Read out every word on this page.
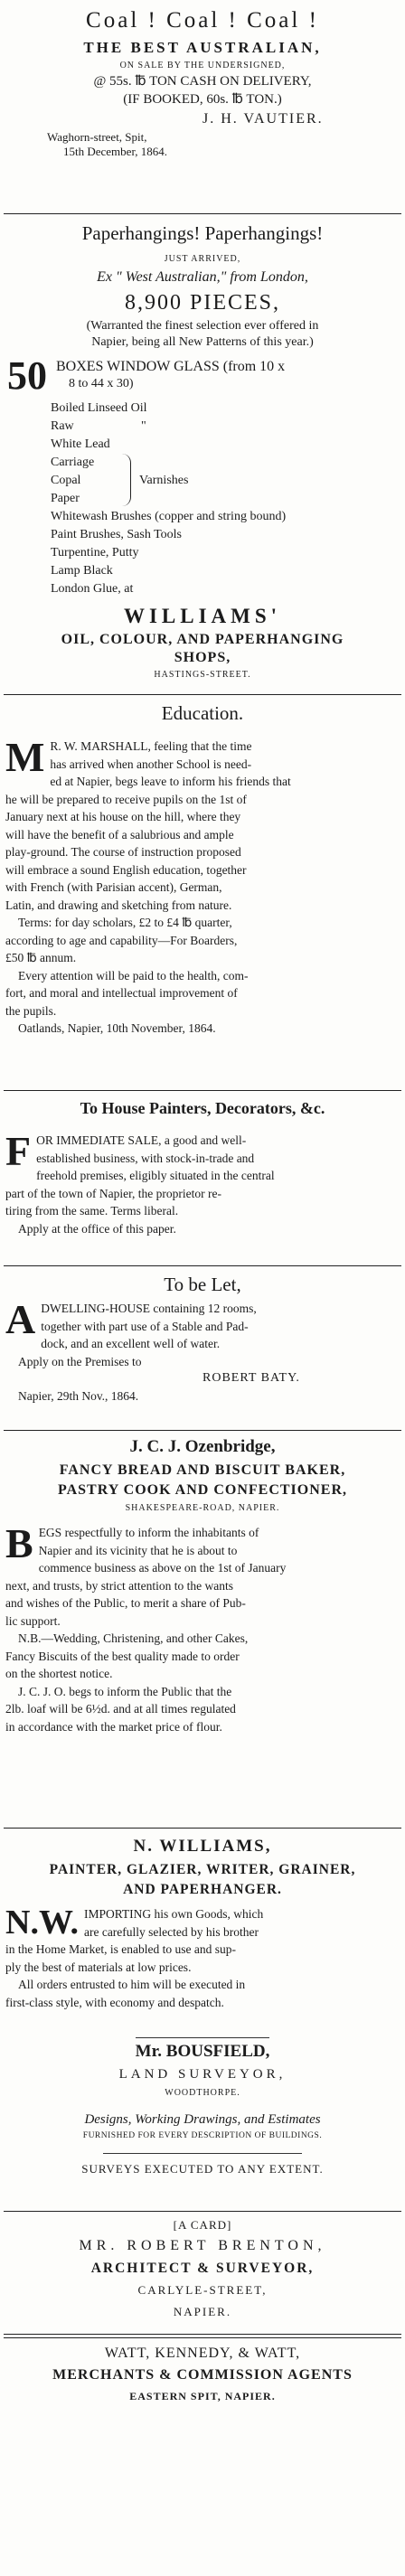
Coal ! Coal ! Coal !
THE BEST AUSTRALIAN,
ON SALE BY THE UNDERSIGNED,
@ 55s. ℔ TON CASH ON DELIVERY,
(IF BOOKED, 60s. ℔ TON.)
J. H. VAUTIER.
Waghorn-street, Spit,
15th December, 1864.
Paperhangings! Paperhangings!
JUST ARRIVED,
Ex " West Australian," from London,
8,900 PIECES,
(Warranted the finest selection ever offered in
Napier, being all New Patterns of this year.)
50 BOXES WINDOW GLASS (from 10 x
8 to 44 x 30)
Boiled Linseed Oil
Raw	"
White Lead
Carriage
Copal
Paper
Varnishes
Whitewash Brushes (copper and string bound)
Paint Brushes, Sash Tools
Turpentine, Putty
Lamp Black
London Glue, at
WILLIAMS'
OIL, COLOUR, AND PAPERHANGING
SHOPS,
HASTINGS-STREET.
Education.
M R. W. MARSHALL, feeling that the time
has arrived when another School is need-
ed at Napier, begs leave to inform his friends that
he will be prepared to receive pupils on the 1st of
January next at his house on the hill, where they
will have the benefit of a salubrious and ample
play-ground. The course of instruction proposed
will embrace a sound English education, together
with French (with Parisian accent), German,
Latin, and drawing and sketching from nature.
Terms: for day scholars, £2 to £4 ℔ quarter,
according to age and capability—For Boarders,
£50 ℔ annum.
Every attention will be paid to the health, com-
fort, and moral and intellectual improvement of
the pupils.
Oatlands, Napier, 10th November, 1864.
To House Painters, Decorators, &c.
F OR IMMEDIATE SALE, a good and well-
established business, with stock-in-trade and
freehold premises, eligibly situated in the central
part of the town of Napier, the proprietor re-
tiring from the same. Terms liberal.
Apply at the office of this paper.
To be Let,
A DWELLING-HOUSE containing 12 rooms,
together with part use of a Stable and Pad-
dock, and an excellent well of water.
Apply on the Premises to
ROBERT BATY.
Napier, 29th Nov., 1864.
J. C. J. Ozenbridge,
FANCY BREAD AND BISCUIT BAKER,
PASTRY COOK AND CONFECTIONER,
SHAKESPEARE-ROAD, NAPIER.
B EGS respectfully to inform the inhabitants of
Napier and its vicinity that he is about to
commence business as above on the 1st of January
next, and trusts, by strict attention to the wants
and wishes of the Public, to merit a share of Pub-
lic support.
N.B.—Wedding, Christening, and other Cakes,
Fancy Biscuits of the best quality made to order
on the shortest notice.
J. C. J. O. begs to inform the Public that the
2lb. loaf will be 6½d. and at all times regulated
in accordance with the market price of flour.
N. WILLIAMS,
PAINTER, GLAZIER, WRITER, GRAINER,
AND PAPERHANGER.
N.W. IMPORTING his own Goods, which
are carefully selected by his brother
in the Home Market, is enabled to use and sup-
ply the best of materials at low prices.
All orders entrusted to him will be executed in
first-class style, with economy and despatch.
Mr. BOUSFIELD,
LAND SURVEYOR,
WOODTHORPE.
Designs, Working Drawings, and Estimates
FURNISHED FOR EVERY DESCRIPTION OF BUILDINGS.
SURVEYS EXECUTED TO ANY EXTENT.
[A CARD]
MR. ROBERT BRENTON,
ARCHITECT & SURVEYOR,
CARLYLE-STREET,
NAPIER.
WATT, KENNEDY, & WATT,
MERCHANTS & COMMISSION AGENTS
EASTERN SPIT, NAPIER.
